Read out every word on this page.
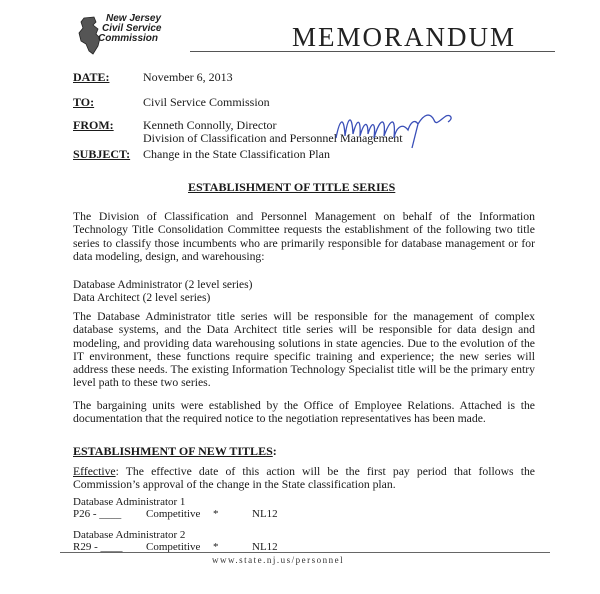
New Jersey
Civil Service
Commission	MEMORANDUM
DATE:	November 6, 2013
TO:	Civil Service Commission
FROM: Kenneth Connolly, Director
Division of Classification and Personnel Management
SUBJECT: Change in the State Classification Plan
ESTABLISHMENT OF TITLE SERIES
The Division of Classification and Personnel Management on behalf of the Information Technology Title Consolidation Committee requests the establishment of the following two title series to classify those incumbents who are primarily responsible for database management or for data modeling, design, and warehousing:
Database Administrator (2 level series)
Data Architect (2 level series)
The Database Administrator title series will be responsible for the management of complex database systems, and the Data Architect title series will be responsible for data design and modeling, and providing data warehousing solutions in state agencies. Due to the evolution of the IT environment, these functions require specific training and experience; the new series will address these needs. The existing Information Technology Specialist title will be the primary entry level path to these two series.
The bargaining units were established by the Office of Employee Relations. Attached is the documentation that the required notice to the negotiation representatives has been made.
ESTABLISHMENT OF NEW TITLES:
Effective: The effective date of this action will be the first pay period that follows the Commission’s approval of the change in the State classification plan.
Database Administrator 1
P26 - ____ Competitive *	NL12
Database Administrator 2
R29 - ____ Competitive *	NL12
www.state.nj.us/personnel
